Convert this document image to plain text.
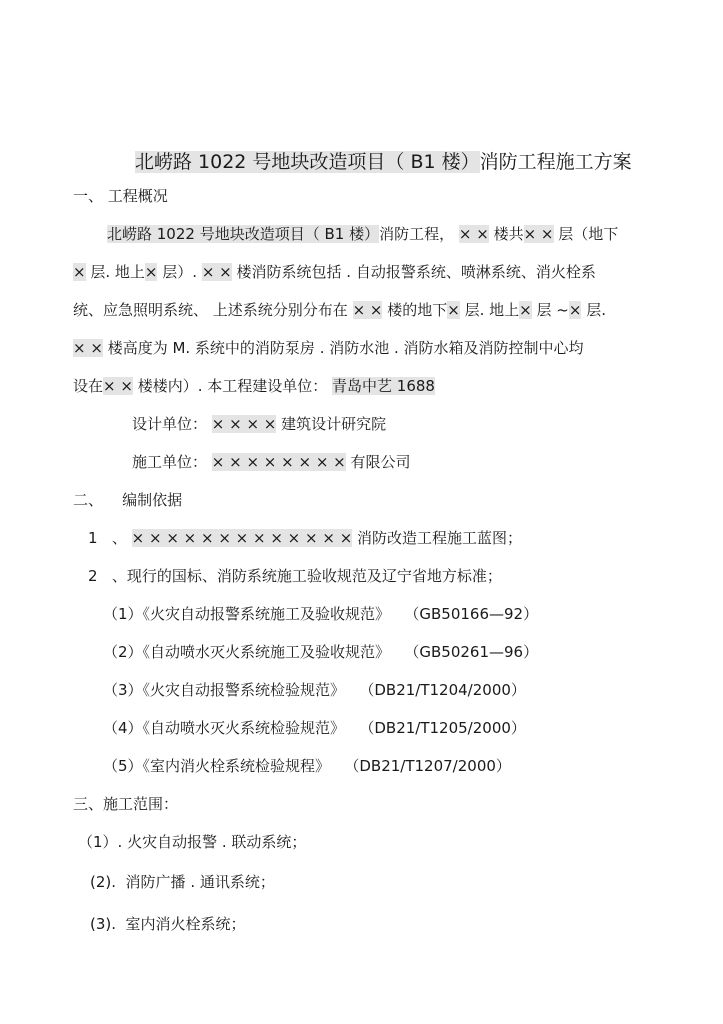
北崂路 1022 号地块改造项目（ B1 楼）消防工程施工方案
一、 工程概况
北崂路 1022 号地块改造项目（ B1 楼）消防工程， × × 楼共× × 层（地下
× 层. 地上× 层）. × × 楼消防系统包括 . 自动报警系统、喷淋系统、消火栓系
统、应急照明系统、 上述系统分别分布在 × × 楼的地下× 层. 地上× 层 ~× 层.
× × 楼高度为 M. 系统中的消防泵房 . 消防水池 . 消防水箱及消防控制中心均
设在× × 楼楼内）. 本工程建设单位： 青岛中艺 1688
设计单位： × × × × 建筑设计研究院
施工单位： × × × × × × × × 有限公司
二、    编制依据
1 、 × × × × × × × × × × × × × 消防改造工程施工蓝图；
2 、现行的国标、消防系统施工验收规范及辽宁省地方标准；
（1）《火灾自动报警系统施工及验收规范》 （GB50166—92）
（2）《自动喷水灭火系统施工及验收规范》 （GB50261—96）
（3）《火灾自动报警系统检验规范》 （DB21/T1204/2000）
（4）《自动喷水灭火系统检验规范》 （DB21/T1205/2000）
（5）《室内消火栓系统检验规程》 （DB21/T1207/2000）
三、施工范围：
（1）. 火灾自动报警 . 联动系统；
(2).  消防广播 . 通讯系统；
(3).  室内消火栓系统；
